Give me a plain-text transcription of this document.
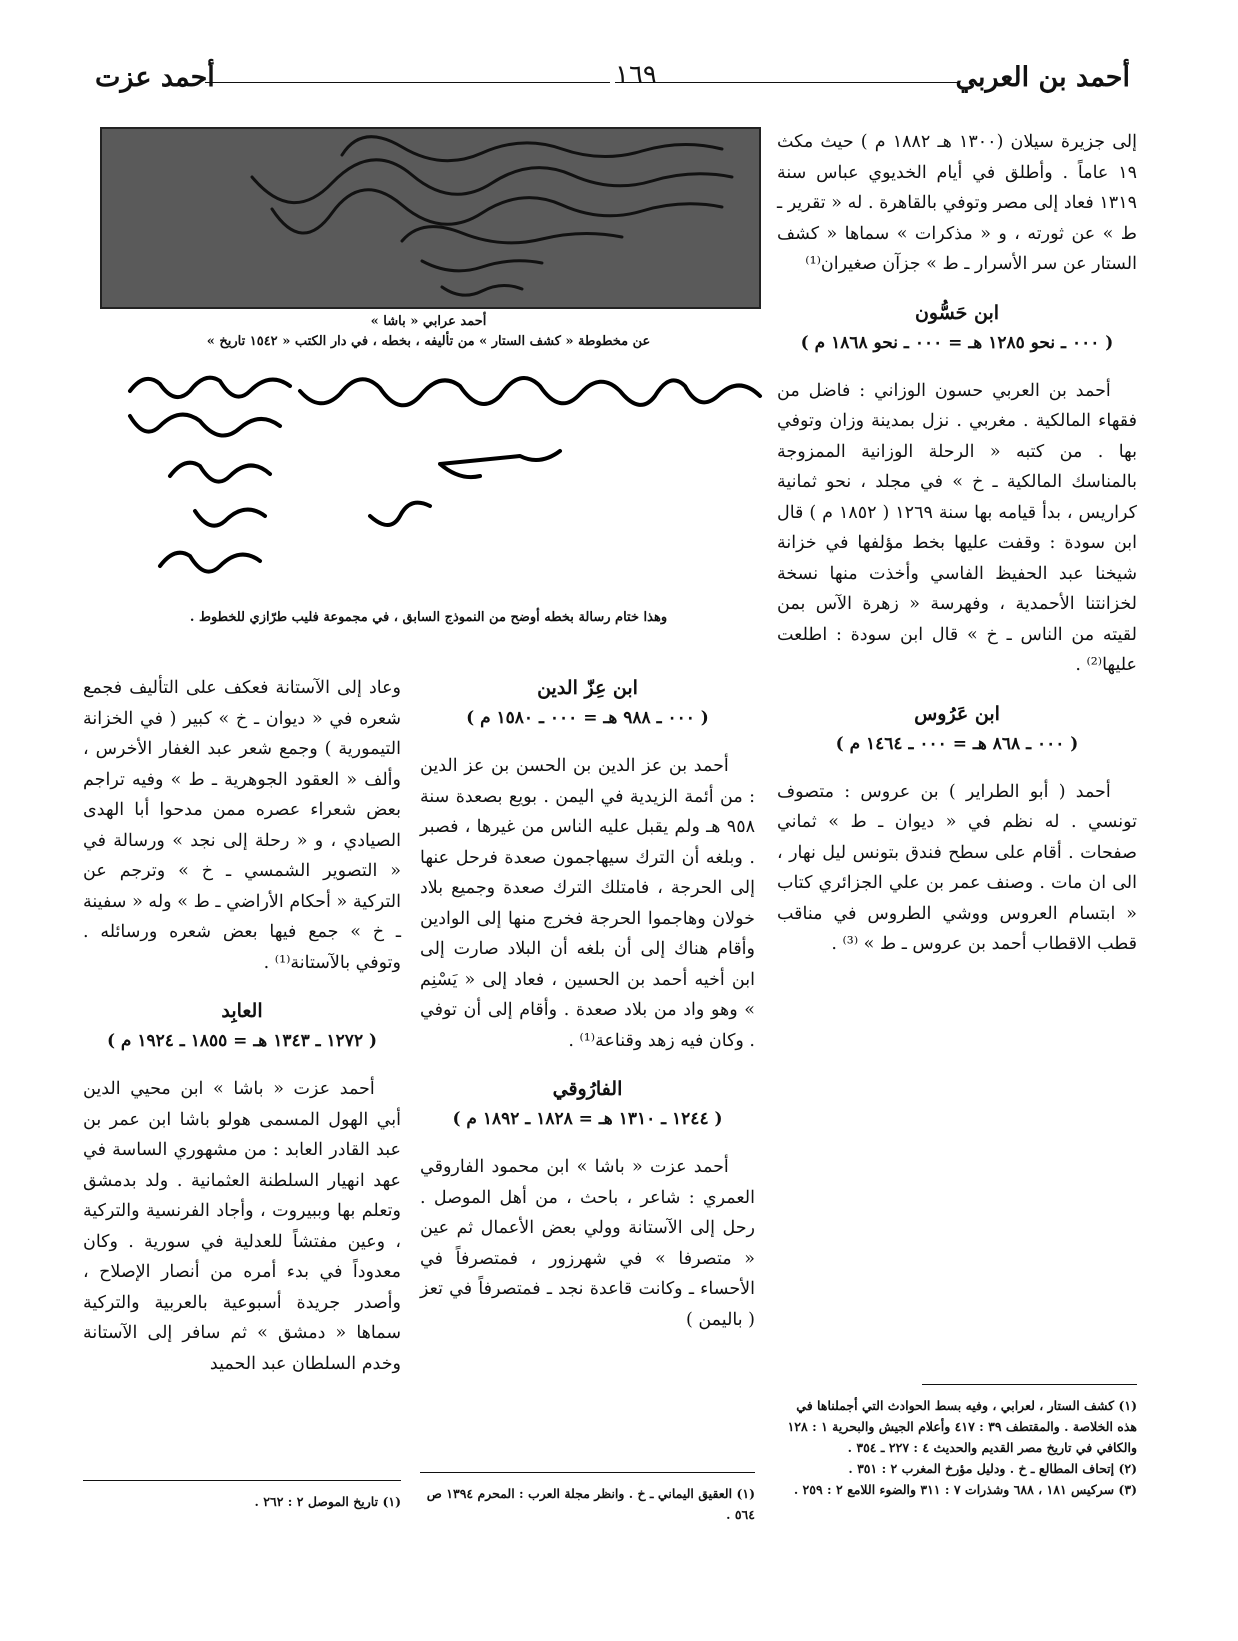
أحمد بن العربي
١٦٩
أحمد عزت
أحمد عرابي « باشا »
عن مخطوطة « كشف الستار » من تأليفه ، بخطه ، في دار الكتب « ١٥٤٢ تاريخ »
وهذا ختام رسالة بخطه أوضح من النموذج السابق ، في مجموعة فليب طرّازي للخطوط .

إلى جزيرة سيلان (١٣٠٠ هـ ١٨٨٢ م ) حيث مكث ١٩ عاماً . وأطلق في أيام الخديوي عباس سنة ١٣١٩ فعاد إلى مصر وتوفي بالقاهرة . له « تقرير ـ ط » عن ثورته ، و « مذكرات » سماها « كشف الستار عن سر الأسرار ـ ط » جزآن صغيران⁽¹⁾

ابن حَسُّون
( ٠٠٠ ـ نحو ١٢٨٥ هـ = ٠٠٠ ـ نحو ١٨٦٨ م )

أحمد بن العربي حسون الوزاني : فاضل من فقهاء المالكية . مغربي . نزل بمدينة وزان وتوفي بها . من كتبه « الرحلة الوزانية الممزوجة بالمناسك المالكية ـ خ » في مجلد ، نحو ثمانية كراريس ، بدأ قيامه بها سنة ١٢٦٩ ( ١٨٥٢ م ) قال ابن سودة : وقفت عليها بخط مؤلفها في خزانة شيخنا عبد الحفيظ الفاسي وأخذت منها نسخة لخزانتنا الأحمدية ، وفهرسة « زهرة الآس بمن لقيته من الناس ـ خ » قال ابن سودة : اطلعت عليها⁽²⁾ .

ابن عَرُوس
( ٠٠٠ ـ ٨٦٨ هـ = ٠٠٠ ـ ١٤٦٤ م )

أحمد ( أبو الطراير ) بن عروس : متصوف تونسي . له نظم في « ديوان ـ ط » ثماني صفحات . أقام على سطح فندق بتونس ليل نهار ، الى ان مات . وصنف عمر بن علي الجزائري كتاب « ابتسام العروس ووشي الطروس في مناقب قطب الاقطاب أحمد بن عروس ـ ط » ⁽³⁾ .

ابن عِزّ الدين
( ٠٠٠ ـ ٩٨٨ هـ = ٠٠٠ ـ ١٥٨٠ م )

أحمد بن عز الدين بن الحسن بن عز الدين : من أئمة الزيدية في اليمن . بويع بصعدة سنة ٩٥٨ هـ ولم يقبل عليه الناس من غيرها ، فصبر . وبلغه أن الترك سيهاجمون صعدة فرحل عنها إلى الحرجة ، فامتلك الترك صعدة وجميع بلاد خولان وهاجموا الحرجة فخرج منها إلى الوادين وأقام هناك إلى أن بلغه أن البلاد صارت إلى ابن أخيه أحمد بن الحسين ، فعاد إلى « يَسْنِم » وهو واد من بلاد صعدة . وأقام إلى أن توفي . وكان فيه زهد وقناعة⁽¹⁾ .

الفارُوقي
( ١٢٤٤ ـ ١٣١٠ هـ = ١٨٢٨ ـ ١٨٩٢ م )

أحمد عزت « باشا » ابن محمود الفاروقي العمري : شاعر ، باحث ، من أهل الموصل . رحل إلى الآستانة وولي بعض الأعمال ثم عين « متصرفا » في شهرزور ، فمتصرفاً في الأحساء ـ وكانت قاعدة نجد ـ فمتصرفاً في تعز ( باليمن )

وعاد إلى الآستانة فعكف على التأليف فجمع شعره في « ديوان ـ خ » كبير ( في الخزانة التيمورية ) وجمع شعر عبد الغفار الأخرس ، وألف « العقود الجوهرية ـ ط » وفيه تراجم بعض شعراء عصره ممن مدحوا أبا الهدى الصيادي ، و « رحلة إلى نجد » ورسالة في « التصوير الشمسي ـ خ » وترجم عن التركية « أحكام الأراضي ـ ط » وله « سفينة ـ خ » جمع فيها بعض شعره ورسائله . وتوفي بالآستانة⁽¹⁾ .

العابِد
( ١٢٧٢ ـ ١٣٤٣ هـ = ١٨٥٥ ـ ١٩٢٤ م )

أحمد عزت « باشا » ابن محيي الدين أبي الهول المسمى هولو باشا ابن عمر بن عبد القادر العابد : من مشهوري الساسة في عهد انهيار السلطنة العثمانية . ولد بدمشق وتعلم بها وببيروت ، وأجاد الفرنسية والتركية ، وعين مفتشاً للعدلية في سورية . وكان معدوداً في بدء أمره من أنصار الإصلاح ، وأصدر جريدة أسبوعية بالعربية والتركية سماها « دمشق » ثم سافر إلى الآستانة وخدم السلطان عبد الحميد

(١) كشف الستار ، لعرابي ، وفيه بسط الحوادث التي أجملناها في هذه الخلاصة . والمقتطف ٣٩ : ٤١٧ وأعلام الجيش والبحرية ١ : ١٢٨ والكافي في تاريخ مصر القديم والحديث ٤ : ٢٢٧ ـ ٣٥٤ .

(٢) إتحاف المطالع ـ خ . ودليل مؤرخ المغرب ٢ : ٣٥١ .

(٣) سركيس ١٨١ ، ٦٨٨ وشذرات ٧ : ٣١١ والضوء اللامع ٢ : ٢٥٩ .

(١) العقيق اليماني ـ خ . وانظر مجلة العرب : المحرم ١٣٩٤ ص ٥٦٤ .

(١) تاريخ الموصل ٢ : ٢٦٢ .
